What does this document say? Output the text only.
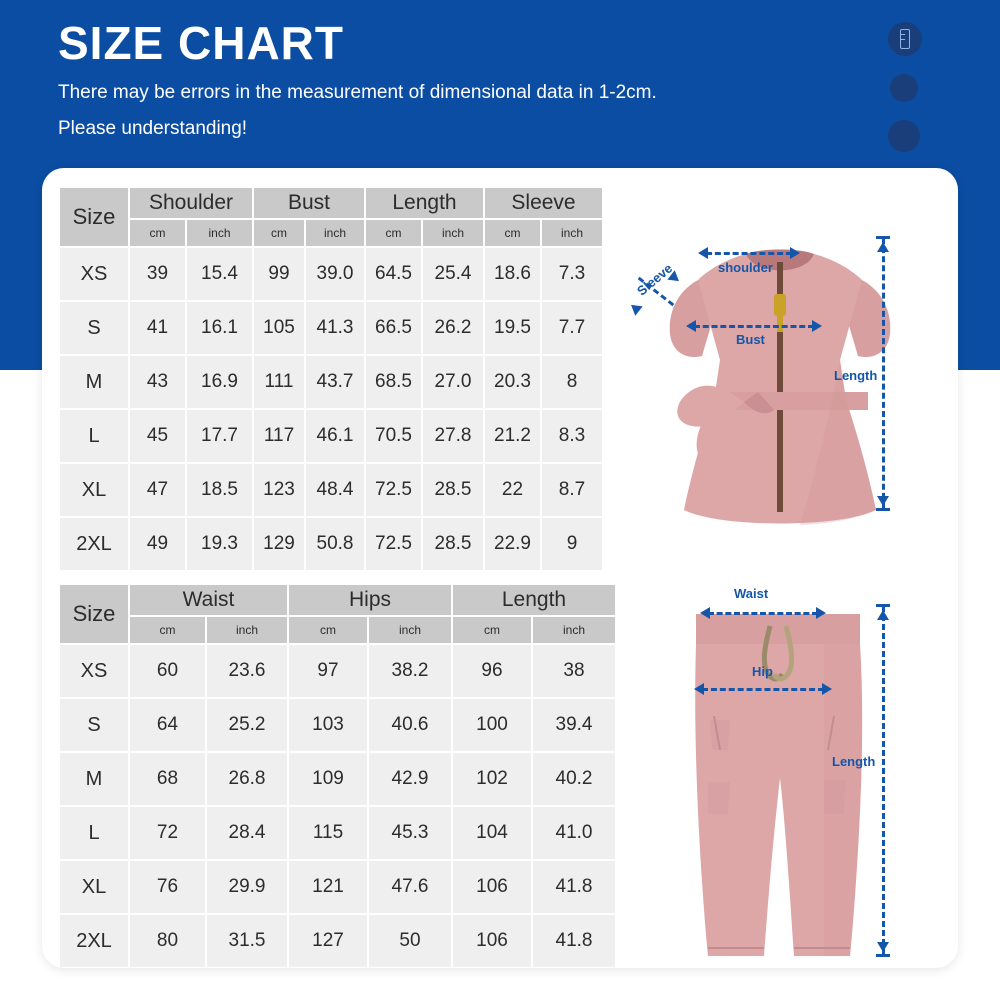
SIZE CHART
There may be errors in the measurement of dimensional data in 1-2cm.
Please understanding!
Size	Shoulder		Bust		Length		Sleeve	
	cm	inch	cm	inch	cm	inch	cm	inch
XS	39	15.4	99	39.0	64.5	25.4	18.6	7.3
S	41	16.1	105	41.3	66.5	26.2	19.5	7.7
M	43	16.9	111	43.7	68.5	27.0	20.3	8
L	45	17.7	117	46.1	70.5	27.8	21.2	8.3
XL	47	18.5	123	48.4	72.5	28.5	22	8.7
2XL	49	19.3	129	50.8	72.5	28.5	22.9	9
Size	Waist		Hips		Length	
	cm	inch	cm	inch	cm	inch
XS	60	23.6	97	38.2	96	38
S	64	25.2	103	40.6	100	39.4
M	68	26.8	109	42.9	102	40.2
L	72	28.4	115	45.3	104	41.0
XL	76	29.9	121	47.6	106	41.8
2XL	80	31.5	127	50	106	41.8
Sleeve	shoulder
Bust
Length
Waist
Hip
Length
